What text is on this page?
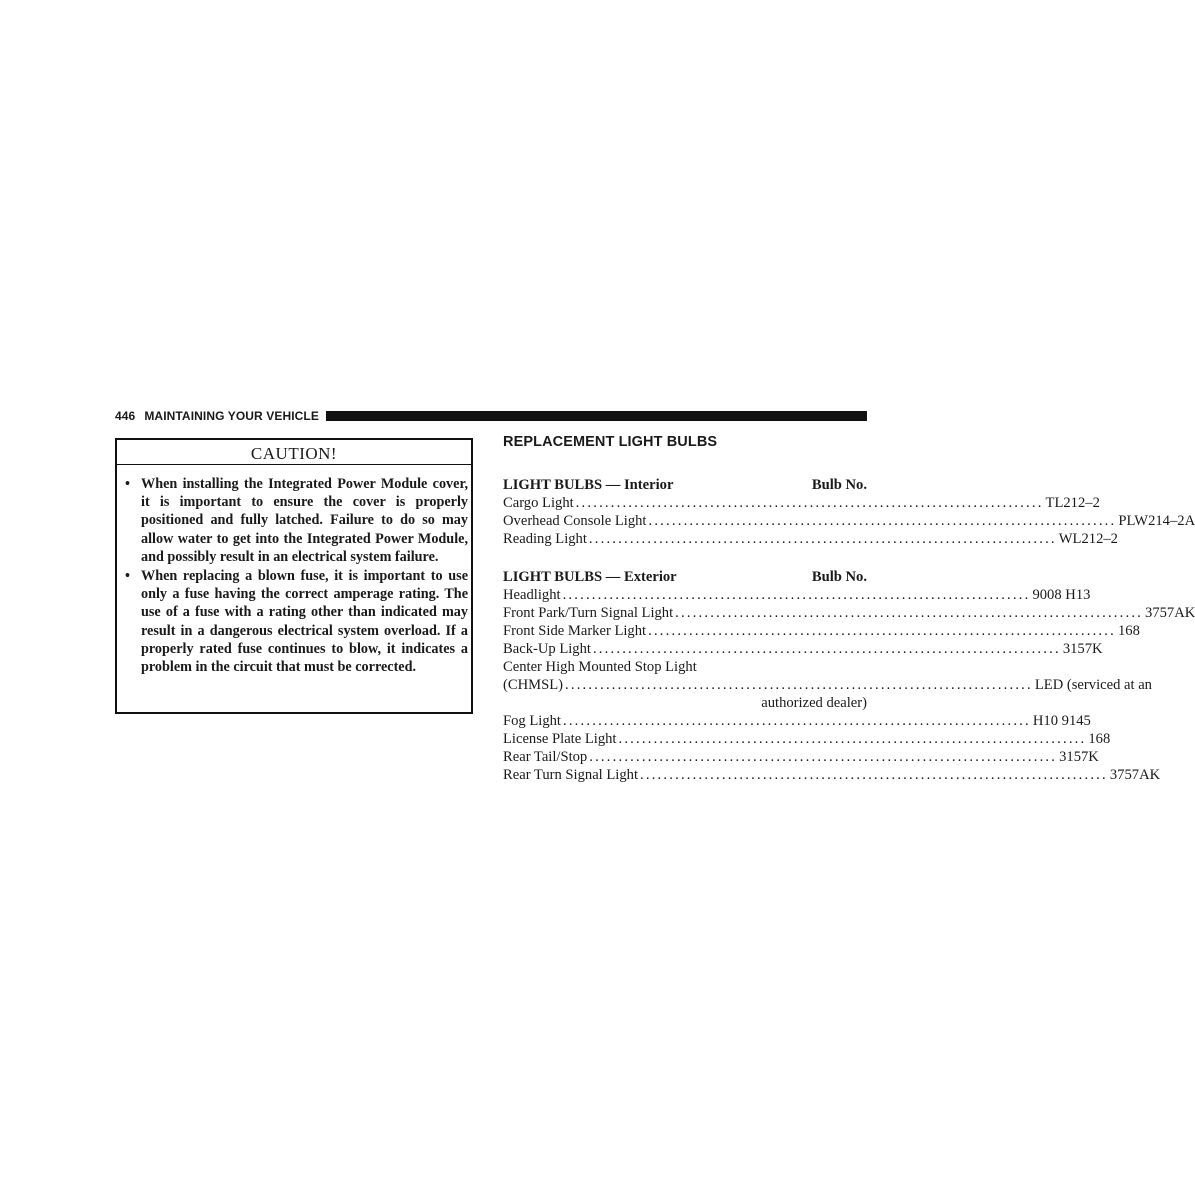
446 MAINTAINING YOUR VEHICLE
CAUTION!
• When installing the Integrated Power Module cover, it is important to ensure the cover is properly positioned and fully latched. Failure to do so may allow water to get into the Integrated Power Module, and possibly result in an electrical system failure.
• When replacing a blown fuse, it is important to use only a fuse having the correct amperage rating. The use of a fuse with a rating other than indicated may result in a dangerous electrical system overload. If a properly rated fuse continues to blow, it indicates a problem in the circuit that must be corrected.
REPLACEMENT LIGHT BULBS
LIGHT BULBS — Interior	Bulb No.
Cargo Light ................................................................................ TL212–2
Overhead Console Light ................................................................................ PLW214–2A
Reading Light ................................................................................ WL212–2
LIGHT BULBS — Exterior	Bulb No.
Headlight ................................................................................ 9008 H13
Front Park/Turn Signal Light ................................................................................ 3757AK
Front Side Marker Light ................................................................................ 168
Back-Up Light ................................................................................ 3157K
Center High Mounted Stop Light
(CHMSL) ................................................................................ LED (serviced at an
authorized dealer)
Fog Light ................................................................................ H10 9145
License Plate Light ................................................................................ 168
Rear Tail/Stop ................................................................................ 3157K
Rear Turn Signal Light ................................................................................ 3757AK
